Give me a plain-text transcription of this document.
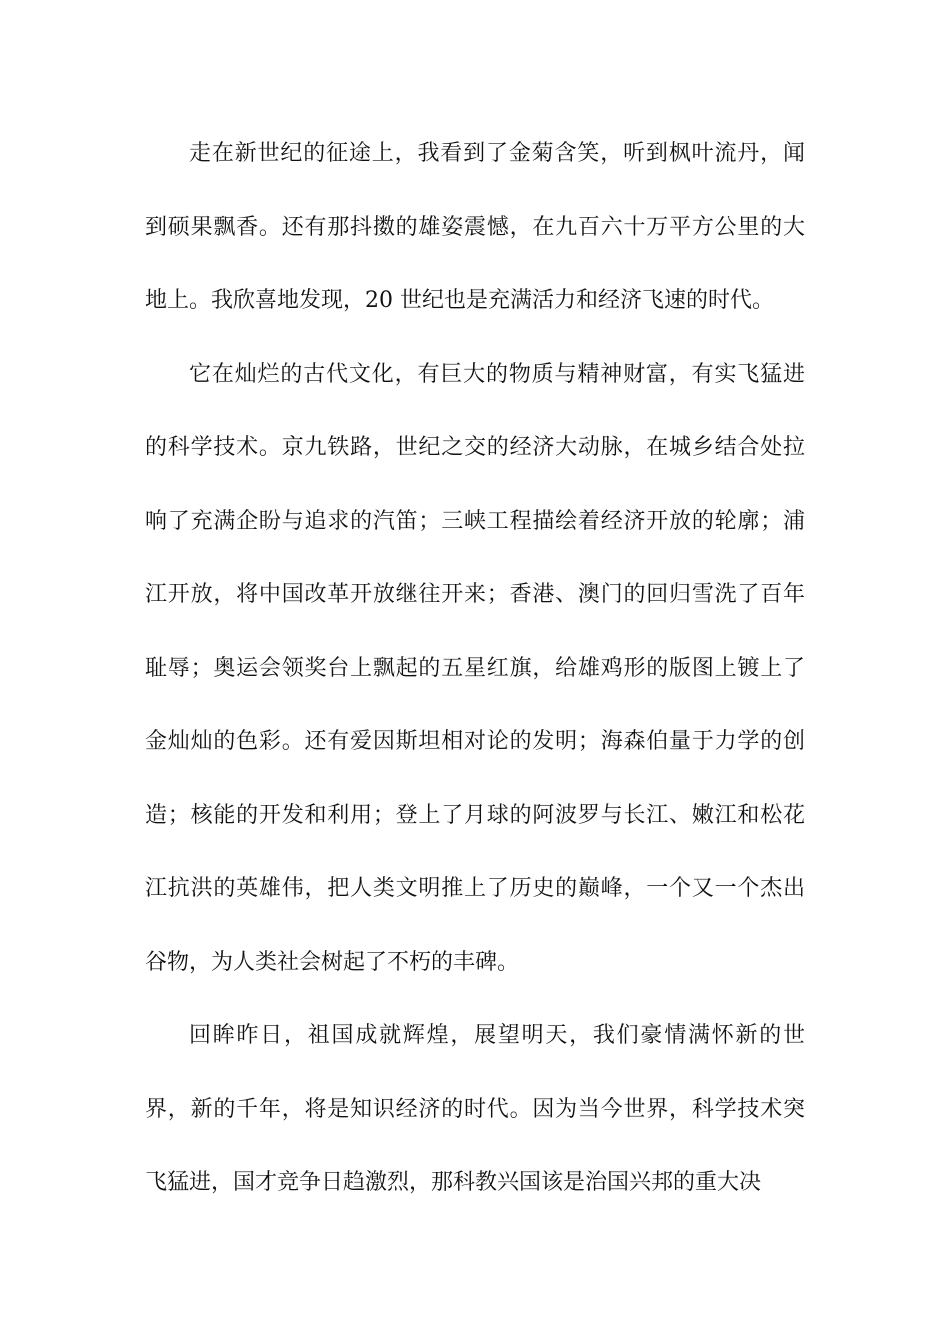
走在新世纪的征途上，我看到了金菊含笑，听到枫叶流丹，闻
到硕果飘香。还有那抖擞的雄姿震憾，在九百六十万平方公里的大
地上。我欣喜地发现，20 世纪也是充满活力和经济飞速的时代。
它在灿烂的古代文化，有巨大的物质与精神财富，有实飞猛进
的科学技术。京九铁路，世纪之交的经济大动脉，在城乡结合处拉
响了充满企盼与追求的汽笛；三峡工程描绘着经济开放的轮廓；浦
江开放，将中国改革开放继往开来；香港、澳门的回归雪洗了百年
耻辱；奥运会领奖台上飘起的五星红旗，给雄鸡形的版图上镀上了
金灿灿的色彩。还有爱因斯坦相对论的发明；海森伯量于力学的创
造；核能的开发和利用；登上了月球的阿波罗与长江、嫩江和松花
江抗洪的英雄伟，把人类文明推上了历史的巅峰，一个又一个杰出
谷物，为人类社会树起了不朽的丰碑。
回眸昨日，祖国成就辉煌，展望明天，我们豪情满怀新的世
界，新的千年，将是知识经济的时代。因为当今世界，科学技术突
飞猛进，国才竞争日趋激烈，那科教兴国该是治国兴邦的重大决
